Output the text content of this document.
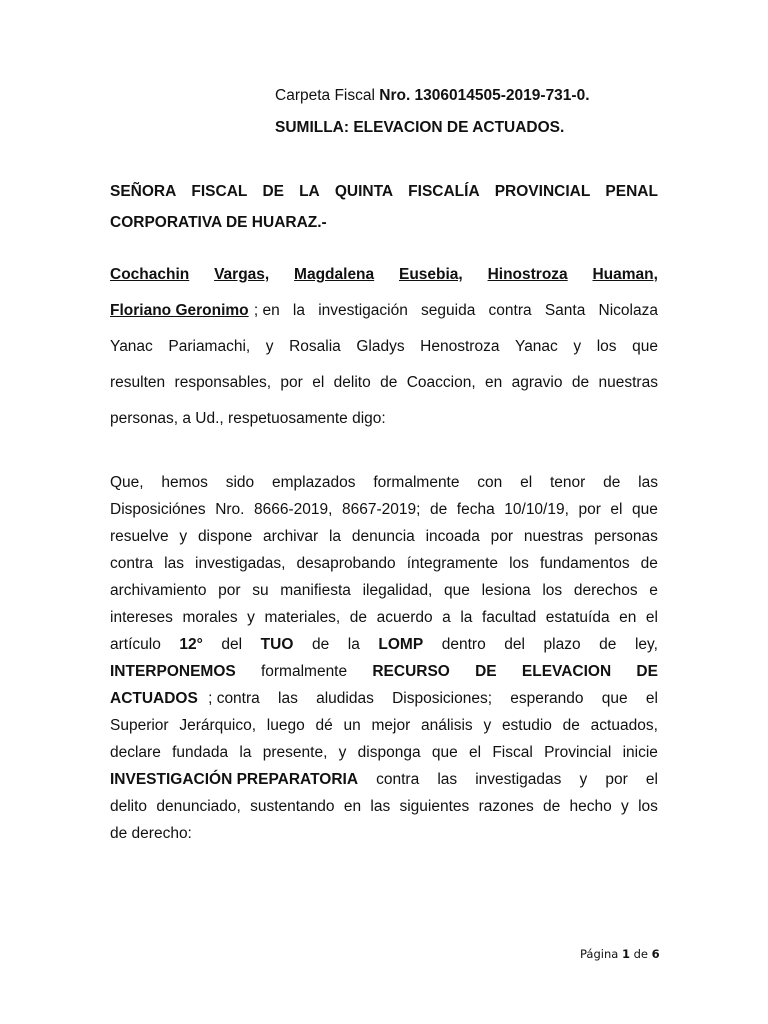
Carpeta Fiscal Nro. 1306014505-2019-731-0.
SUMILLA: ELEVACION DE ACTUADOS.
SEÑORA FISCAL DE LA QUINTA FISCALÍA PROVINCIAL PENAL
CORPORATIVA DE HUARAZ.-
Cochachin Vargas, Magdalena Eusebia, Hinostroza Huaman,
Floriano Geronimo ; en la investigación seguida contra Santa Nicolaza
Yanac Pariamachi, y Rosalia Gladys Henostroza Yanac y los que
resulten responsables, por el delito de Coaccion, en agravio de nuestras
personas, a Ud., respetuosamente digo:
Que, hemos sido emplazados formalmente con el tenor de las
Disposiciónes Nro. 8666-2019, 8667-2019; de fecha 10/10/19, por el que
resuelve y dispone archivar la denuncia incoada por nuestras personas
contra las investigadas, desaprobando íntegramente los fundamentos de
archivamiento por su manifiesta ilegalidad, que lesiona los derechos e
intereses morales y materiales, de acuerdo a la facultad estatuída en el
artículo 12° del TUO de la LOMP dentro del plazo de ley,
INTERPONEMOS formalmente RECURSO DE ELEVACION DE
ACTUADOS ; contra las aludidas Disposiciones; esperando que el
Superior Jerárquico, luego dé un mejor análisis y estudio de actuados,
declare fundada la presente, y disponga que el Fiscal Provincial inicie
INVESTIGACIÓN PREPARATORIA contra las investigadas y por el
delito denunciado, sustentando en las siguientes razones de hecho y los
de derecho:
Página 1 de 6
